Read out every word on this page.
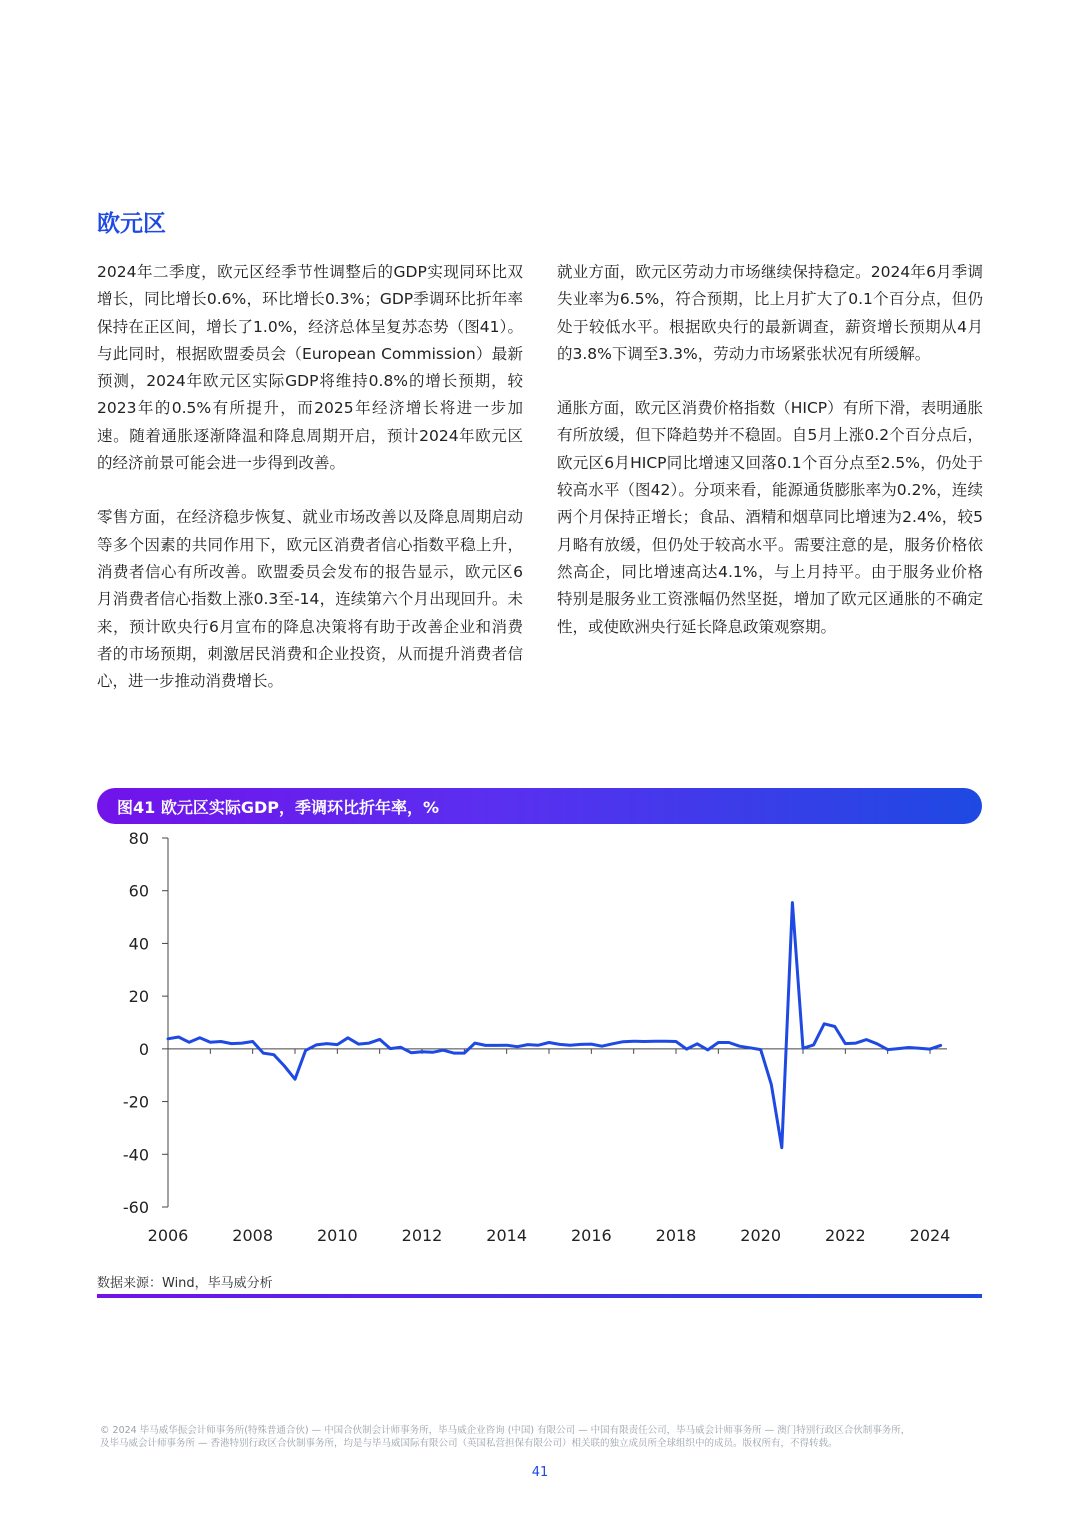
欧元区

2024年二季度，欧元区经季节性调整后的GDP实现同环比双增长，同比增长0.6%，环比增长0.3%；GDP季调环比折年率保持在正区间，增长了1.0%，经济总体呈复苏态势（图41）。与此同时，根据欧盟委员会（European Commission）最新预测，2024年欧元区实际GDP将维持0.8%的增长预期，较2023年的0.5%有所提升，而2025年经济增长将进一步加速。随着通胀逐渐降温和降息周期开启，预计2024年欧元区的经济前景可能会进一步得到改善。

零售方面，在经济稳步恢复、就业市场改善以及降息周期启动等多个因素的共同作用下，欧元区消费者信心指数平稳上升，消费者信心有所改善。欧盟委员会发布的报告显示，欧元区6月消费者信心指数上涨0.3至-14，连续第六个月出现回升。未来，预计欧央行6月宣布的降息决策将有助于改善企业和消费者的市场预期，刺激居民消费和企业投资，从而提升消费者信心，进一步推动消费增长。

就业方面，欧元区劳动力市场继续保持稳定。2024年6月季调失业率为6.5%，符合预期，比上月扩大了0.1个百分点，但仍处于较低水平。根据欧央行的最新调查，薪资增长预期从4月的3.8%下调至3.3%，劳动力市场紧张状况有所缓解。

通胀方面，欧元区消费价格指数（HICP）有所下滑，表明通胀有所放缓，但下降趋势并不稳固。自5月上涨0.2个百分点后，欧元区6月HICP同比增速又回落0.1个百分点至2.5%，仍处于较高水平（图42）。分项来看，能源通货膨胀率为0.2%，连续两个月保持正增长；食品、酒精和烟草同比增速为2.4%，较5月略有放缓，但仍处于较高水平。需要注意的是，服务价格依然高企，同比增速高达4.1%，与上月持平。由于服务业价格特别是服务业工资涨幅仍然坚挺，增加了欧元区通胀的不确定性，或使欧洲央行延长降息政策观察期。

图41 欧元区实际GDP，季调环比折年率，%
80
60
40
20
0
-20
-40
-60
2006	2008	2010	2012	2014	2016	2018	2020	2022	2024
数据来源：Wind，毕马威分析
© 2024 毕马威华振会计师事务所(特殊普通合伙) — 中国合伙制会计师事务所，毕马威企业咨询 (中国) 有限公司 — 中国有限责任公司，毕马威会计师事务所 — 澳门特别行政区合伙制事务所，
及毕马威会计师事务所 — 香港特别行政区合伙制事务所，均是与毕马威国际有限公司（英国私营担保有限公司）相关联的独立成员所全球组织中的成员。版权所有，不得转载。
41
